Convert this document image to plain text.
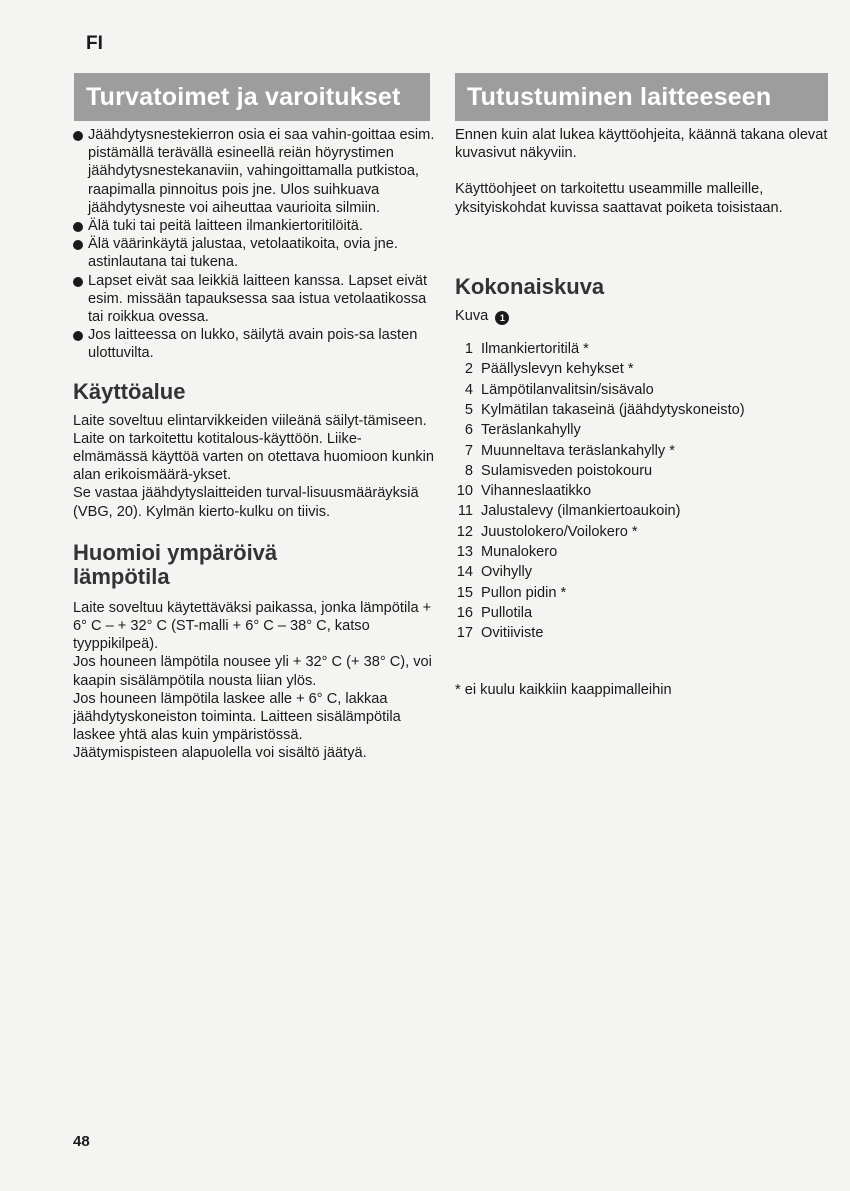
FI
Turvatoimet ja varoitukset	Tutustuminen laitteeseen
Jäähdytysnestekierron osia ei saa vahin-goittaa esim. pistämällä terävällä esineellä reiän höyrystimen jäähdytysnestekanaviin, vahingoittamalla putkistoa, raapimalla pinnoitus pois jne. Ulos suihkuava jäähdytysneste voi aiheuttaa vaurioita silmiin.
Älä tuki tai peitä laitteen ilmankiertoritilöitä.
Älä väärinkäytä jalustaa, vetolaatikoita, ovia jne. astinlautana tai tukena.
Lapset eivät saa leikkiä laitteen kanssa. Lapset eivät esim. missään tapauksessa saa istua vetolaatikossa tai roikkua ovessa.
Jos laitteessa on lukko, säilytä avain pois-sa lasten ulottuvilta.
Käyttöalue

Laite soveltuu elintarvikkeiden viileänä säilyt-tämiseen. Laite on tarkoitettu kotitalous-käyttöön. Liike-elmämässä käyttöä varten on otettava huomioon kunkin alan erikoismäärä-ykset.

Se vastaa jäähdytyslaitteiden turval-lisuusmääräyksiä (VBG, 20). Kylmän kierto-kulku on tiivis.

Huomioi ympäröivä
lämpötila

Laite soveltuu käytettäväksi paikassa, jonka lämpötila + 6° C – + 32° C (ST-malli + 6° C – 38° C, katso tyyppikilpeä).

Jos houneen lämpötila nousee yli + 32° C (+ 38° C), voi kaapin sisälämpötila nousta liian ylös.

Jos houneen lämpötila laskee alle + 6° C, lakkaa jäähdytyskoneiston toiminta. Laitteen sisälämpötila laskee yhtä alas kuin ympäristössä.

Jäätymispisteen alapuolella voi sisältö jäätyä.

Ennen kuin alat lukea käyttöohjeita, käännä takana olevat kuvasivut näkyviin.

Käyttöohjeet on tarkoitettu useammille malleille, yksityiskohdat kuvissa saattavat poiketa toisistaan.

Kokonaiskuva
Kuva 1
1 Ilmankiertoritilä *
2 Päällyslevyn kehykset *
4 Lämpötilanvalitsin/sisävalo
5 Kylmätilan takaseinä (jäähdytyskoneisto)
6 Teräslankahylly
7 Muunneltava teräslankahylly *
8 Sulamisveden poistokouru
10 Vihanneslaatikko
11 Jalustalevy (ilmankiertoaukoin)
12 Juustolokero/Voilokero *
13 Munalokero
14 Ovihylly
15 Pullon pidin *
16 Pullotila
17 Ovitiiviste

* ei kuulu kaikkiin kaappimalleihin

48
